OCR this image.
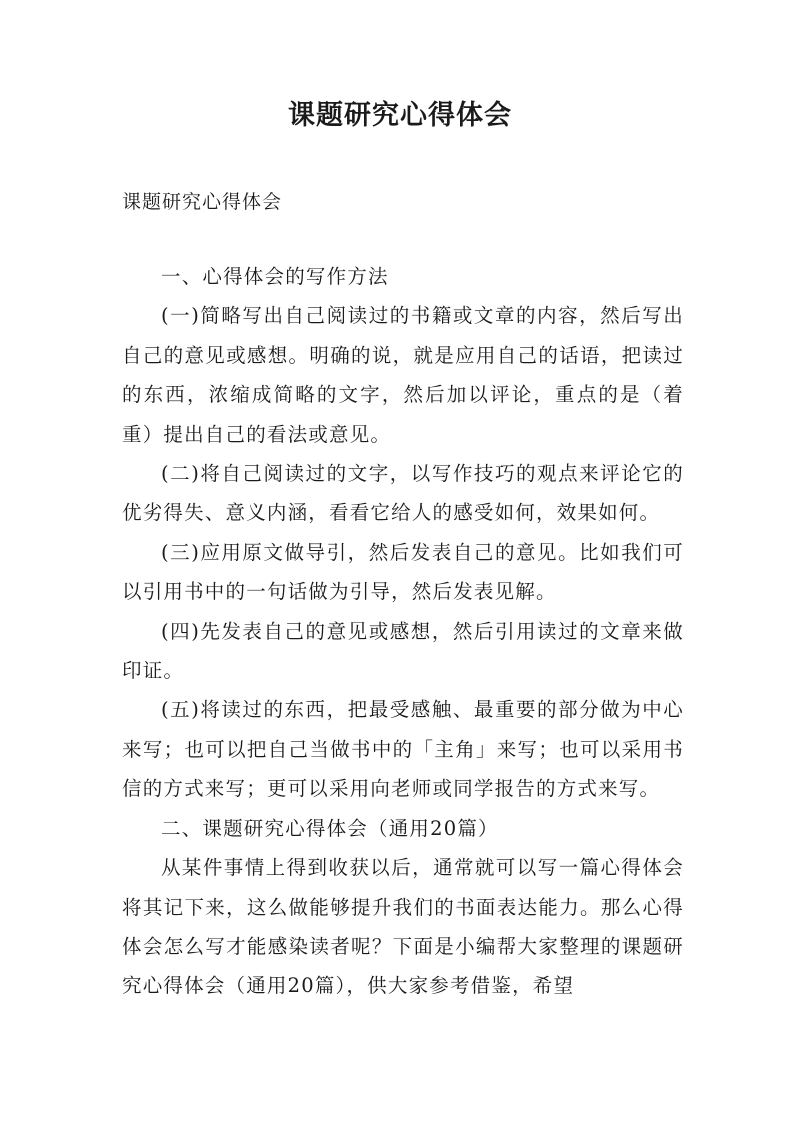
课题研究心得体会

课题研究心得体会

一、心得体会的写作方法

(一)简略写出自己阅读过的书籍或文章的内容，然后写出自己的意见或感想。明确的说，就是应用自己的话语，把读过的东西，浓缩成简略的文字，然后加以评论，重点的是（着重）提出自己的看法或意见。

(二)将自己阅读过的文字，以写作技巧的观点来评论它的优劣得失、意义内涵，看看它给人的感受如何，效果如何。

(三)应用原文做导引，然后发表自己的意见。比如我们可以引用书中的一句话做为引导，然后发表见解。

(四)先发表自己的意见或感想，然后引用读过的文章来做印证。

(五)将读过的东西，把最受感触、最重要的部分做为中心来写；也可以把自己当做书中的「主角」来写；也可以采用书信的方式来写；更可以采用向老师或同学报告的方式来写。

二、课题研究心得体会（通用20篇）

从某件事情上得到收获以后，通常就可以写一篇心得体会将其记下来，这么做能够提升我们的书面表达能力。那么心得体会怎么写才能感染读者呢？下面是小编帮大家整理的课题研究心得体会（通用20篇），供大家参考借鉴，希望
